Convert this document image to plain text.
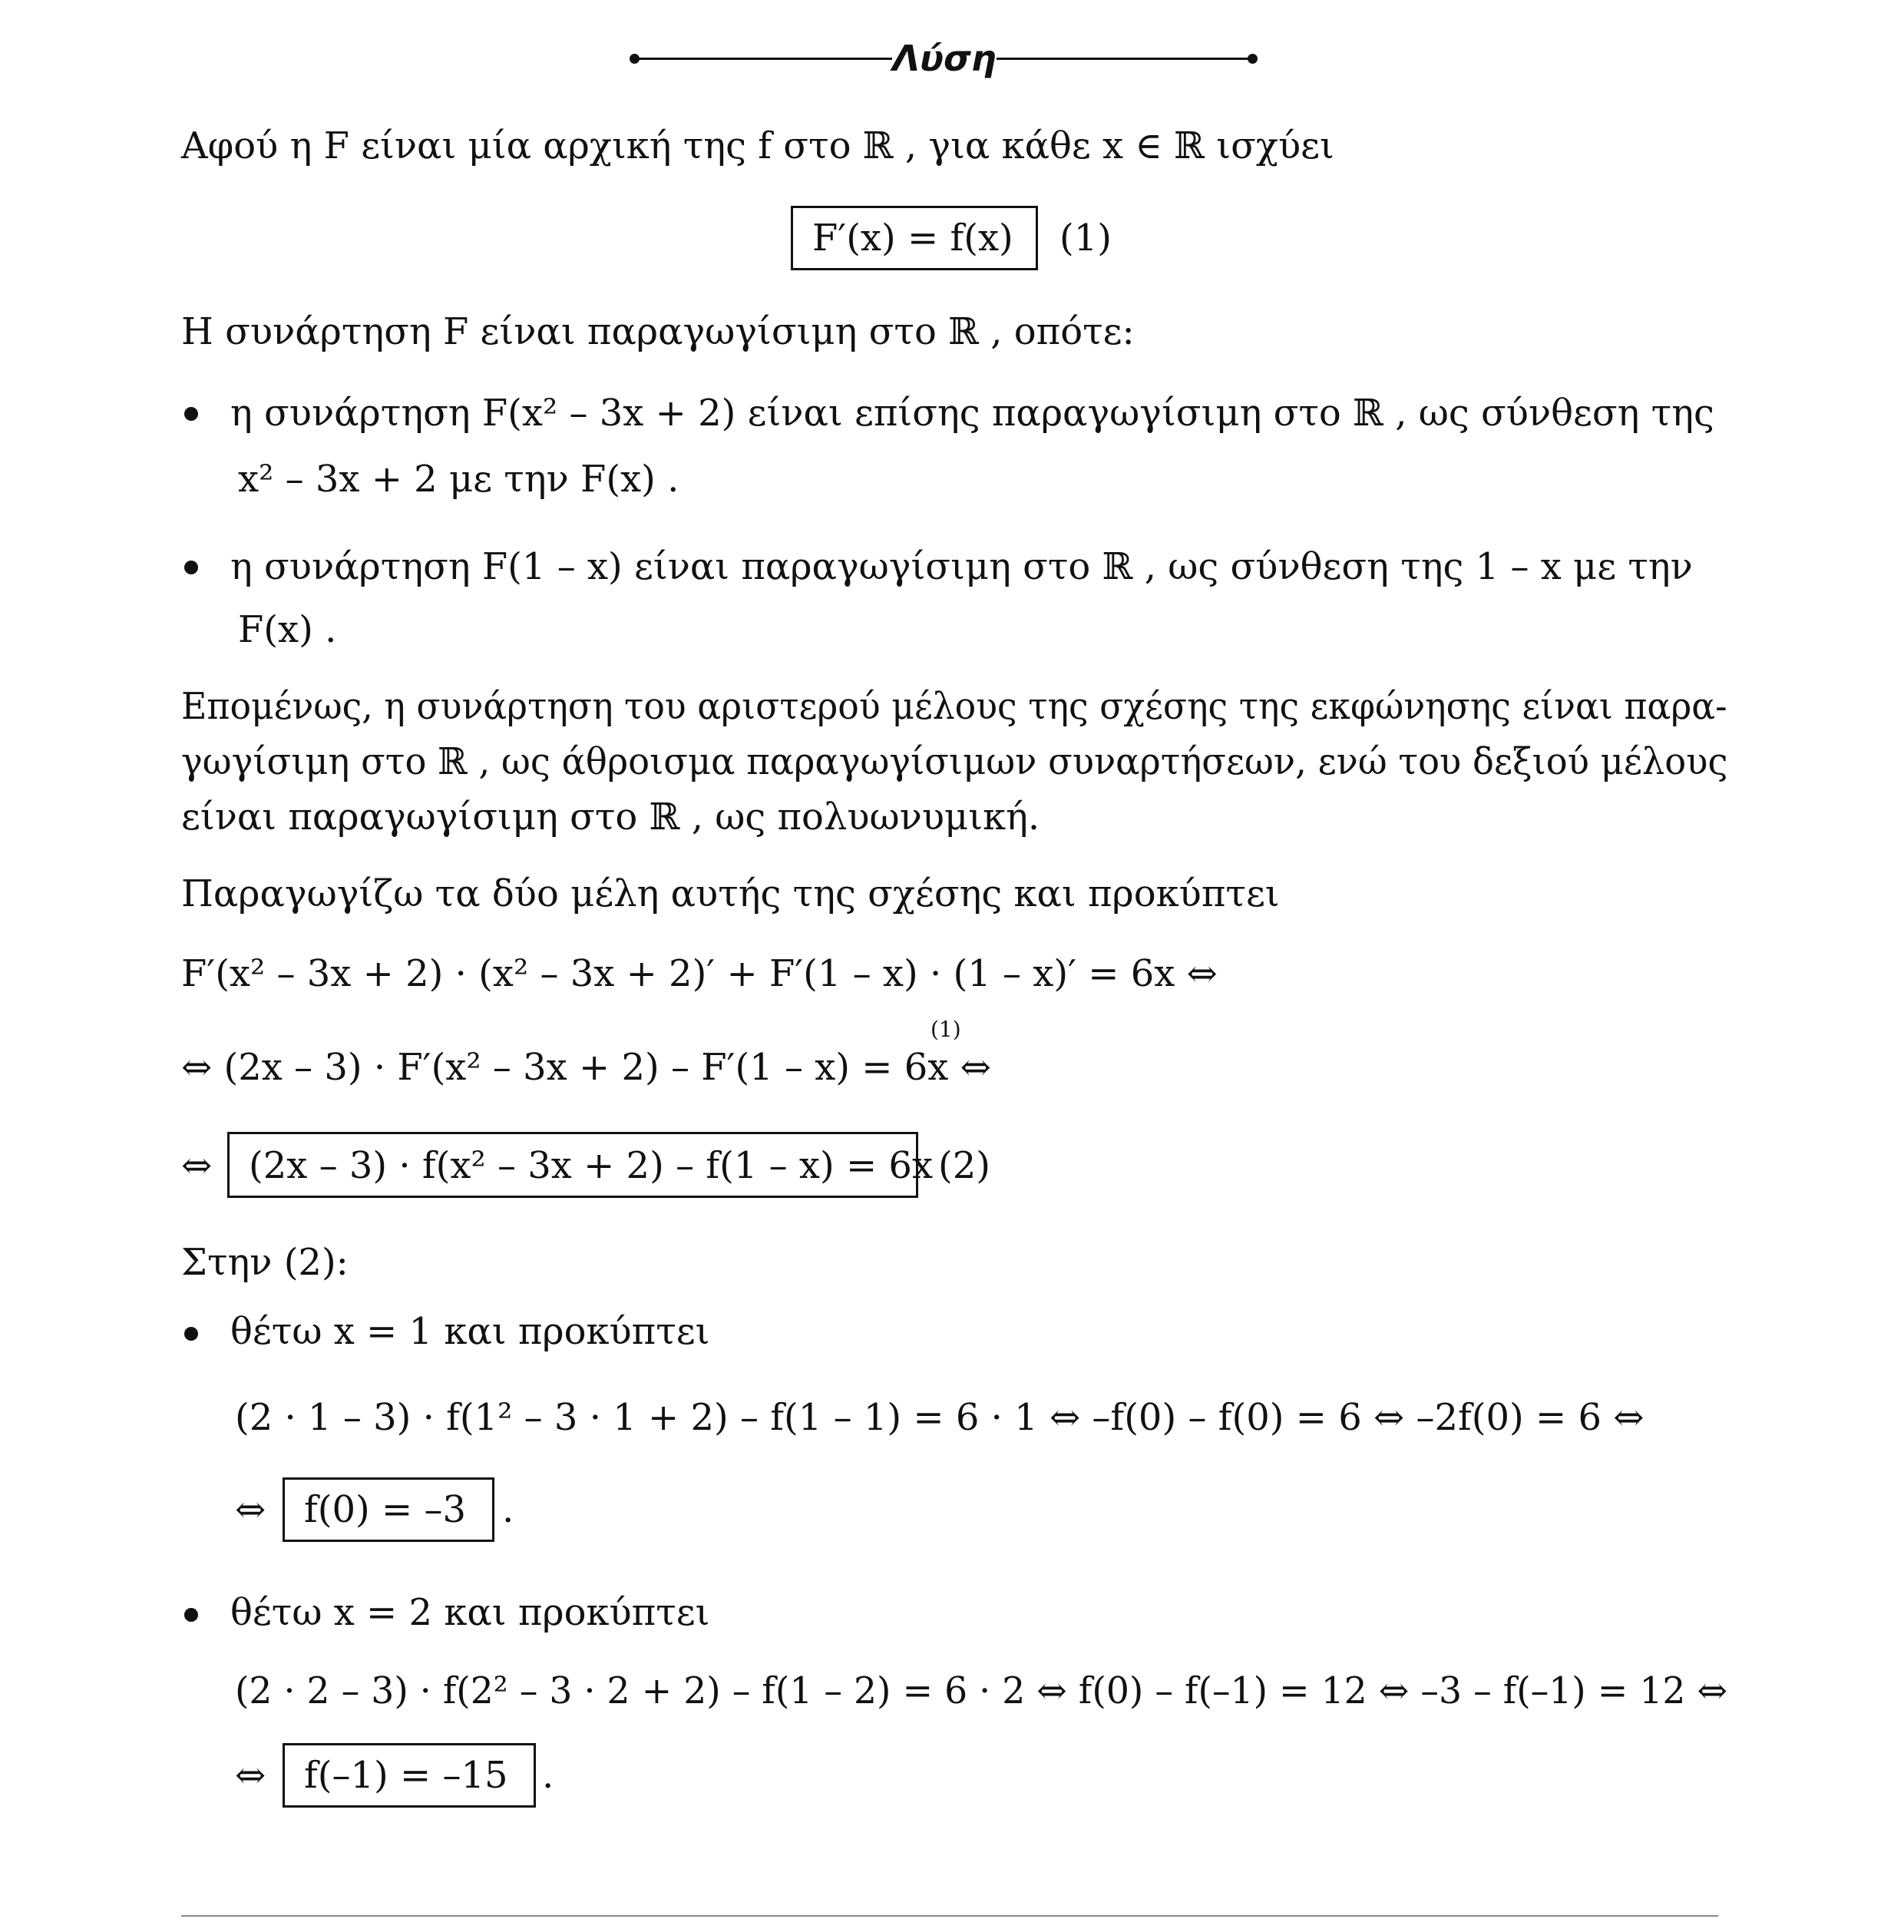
Λύση
Αφού η F είναι μία αρχική της f στο ℝ , για κάθε x ∈ ℝ ισχύει
F′(x) = f(x) (1)
Η συνάρτηση F είναι παραγωγίσιμη στο ℝ , οπότε:
η συνάρτηση F(x² – 3x + 2) είναι επίσης παραγωγίσιμη στο ℝ , ως σύνθεση της
x² – 3x + 2 με την F(x) .
η συνάρτηση F(1 – x) είναι παραγωγίσιμη στο ℝ , ως σύνθεση της 1 – x με την
F(x) .
Επομένως, η συνάρτηση του αριστερού μέλους της σχέσης της εκφώνησης είναι παρα-
γωγίσιμη στο ℝ , ως άθροισμα παραγωγίσιμων συναρτήσεων, ενώ του δεξιού μέλους
είναι παραγωγίσιμη στο ℝ , ως πολυωνυμική.
Παραγωγίζω τα δύο μέλη αυτής της σχέσης και προκύπτει
F′(x² – 3x + 2) · (x² – 3x + 2)′ + F′(1 – x) · (1 – x)′ = 6x ⇔
(1)
⇔ (2x – 3) · F′(x² – 3x + 2) – F′(1 – x) = 6x ⇔
⇔ (2x – 3) · f(x² – 3x + 2) – f(1 – x) = 6x (2)
Στην (2):
θέτω x = 1 και προκύπτει
(2 · 1 – 3) · f(1² – 3 · 1 + 2) – f(1 – 1) = 6 · 1 ⇔ –f(0) – f(0) = 6 ⇔ –2f(0) = 6 ⇔
⇔ f(0) = –3 .
θέτω x = 2 και προκύπτει
(2 · 2 – 3) · f(2² – 3 · 2 + 2) – f(1 – 2) = 6 · 2 ⇔ f(0) – f(–1) = 12 ⇔ –3 – f(–1) = 12 ⇔
⇔ f(–1) = –15 .
